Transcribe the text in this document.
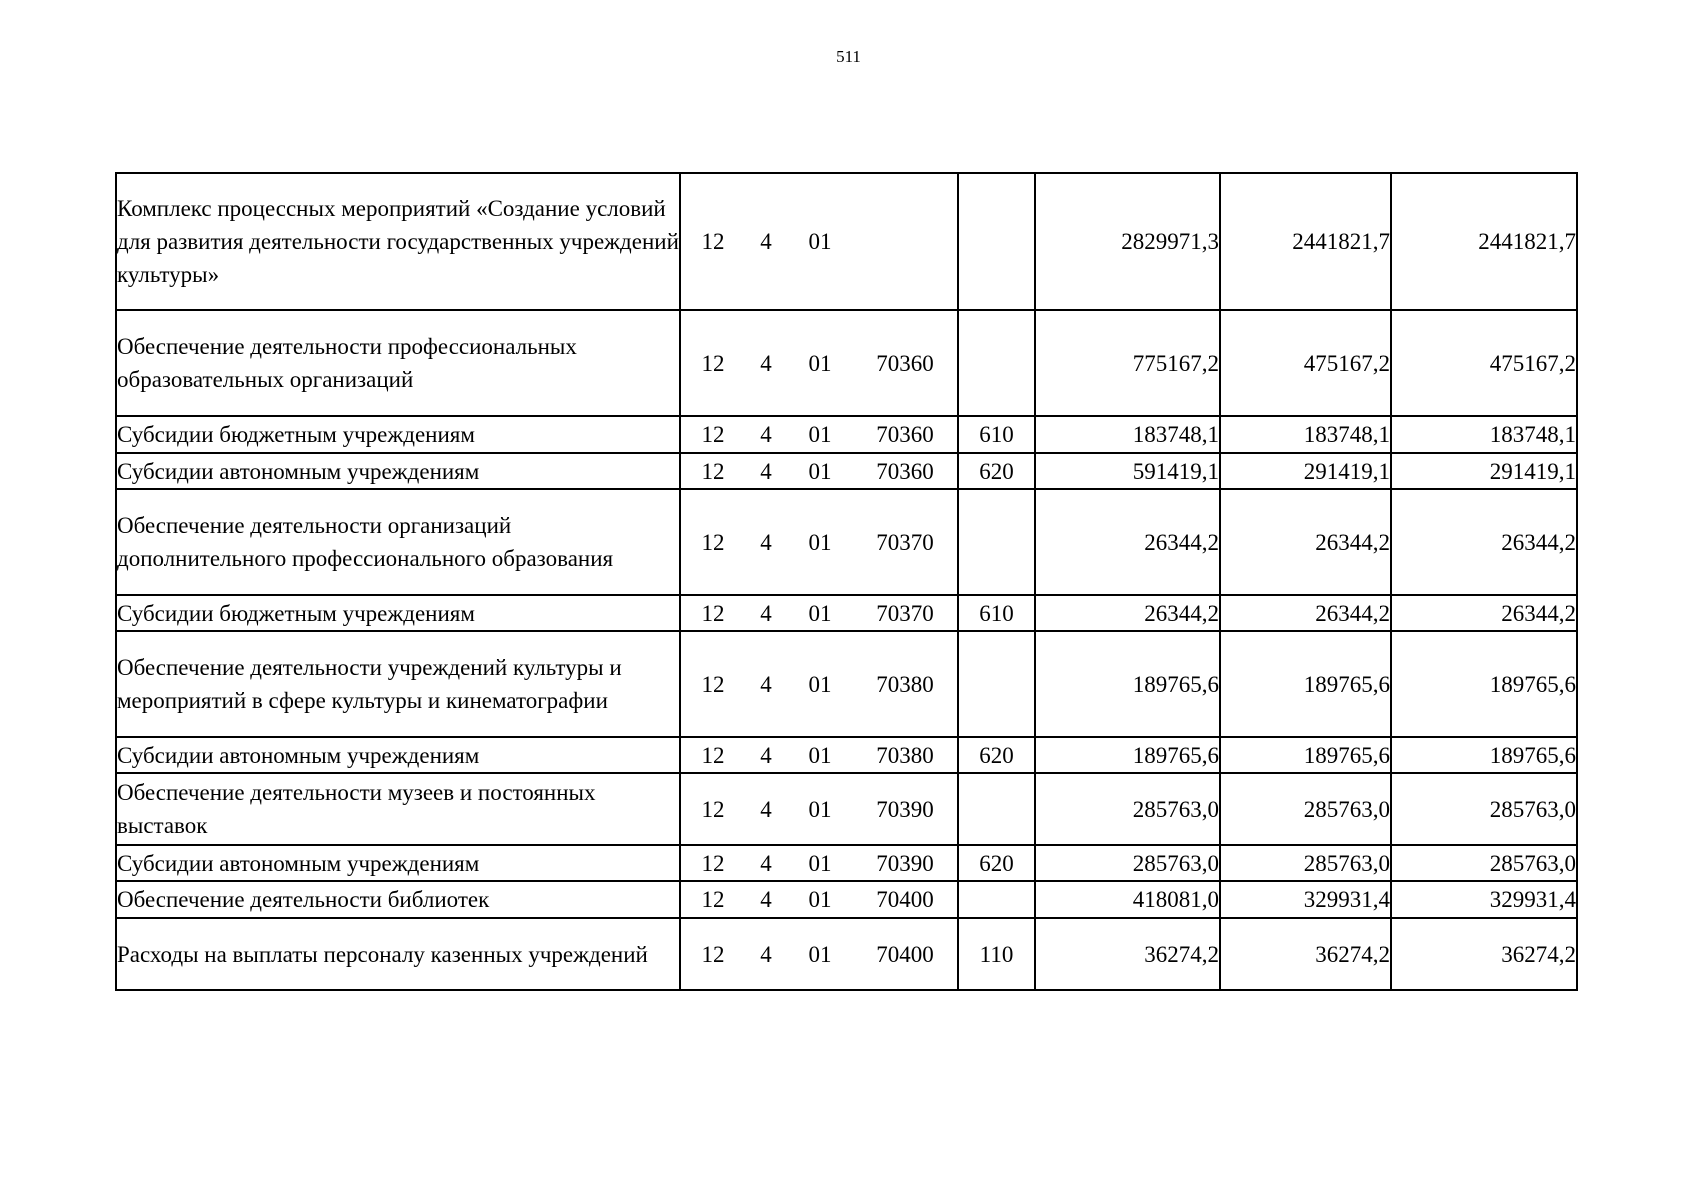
511
Комплекс процессных мероприятий «Создание условий для развития деятельности государственных учреждений культуры»	12	4	01			2829971,3	2441821,7	2441821,7
Обеспечение деятельности профессиональных образовательных организаций	12	4	01	70360		775167,2	475167,2	475167,2
Субсидии бюджетным учреждениям	12	4	01	70360	610	183748,1	183748,1	183748,1
Субсидии автономным учреждениям	12	4	01	70360	620	591419,1	291419,1	291419,1
Обеспечение деятельности организаций дополнительного профессионального образования	12	4	01	70370		26344,2	26344,2	26344,2
Субсидии бюджетным учреждениям	12	4	01	70370	610	26344,2	26344,2	26344,2
Обеспечение деятельности учреждений культуры и мероприятий в сфере культуры и кинематографии	12	4	01	70380		189765,6	189765,6	189765,6
Субсидии автономным учреждениям	12	4	01	70380	620	189765,6	189765,6	189765,6
Обеспечение деятельности музеев и постоянных выставок	12	4	01	70390		285763,0	285763,0	285763,0
Субсидии автономным учреждениям	12	4	01	70390	620	285763,0	285763,0	285763,0
Обеспечение деятельности библиотек	12	4	01	70400		418081,0	329931,4	329931,4
Расходы на выплаты персоналу казенных учреждений	12	4	01	70400	110	36274,2	36274,2	36274,2
